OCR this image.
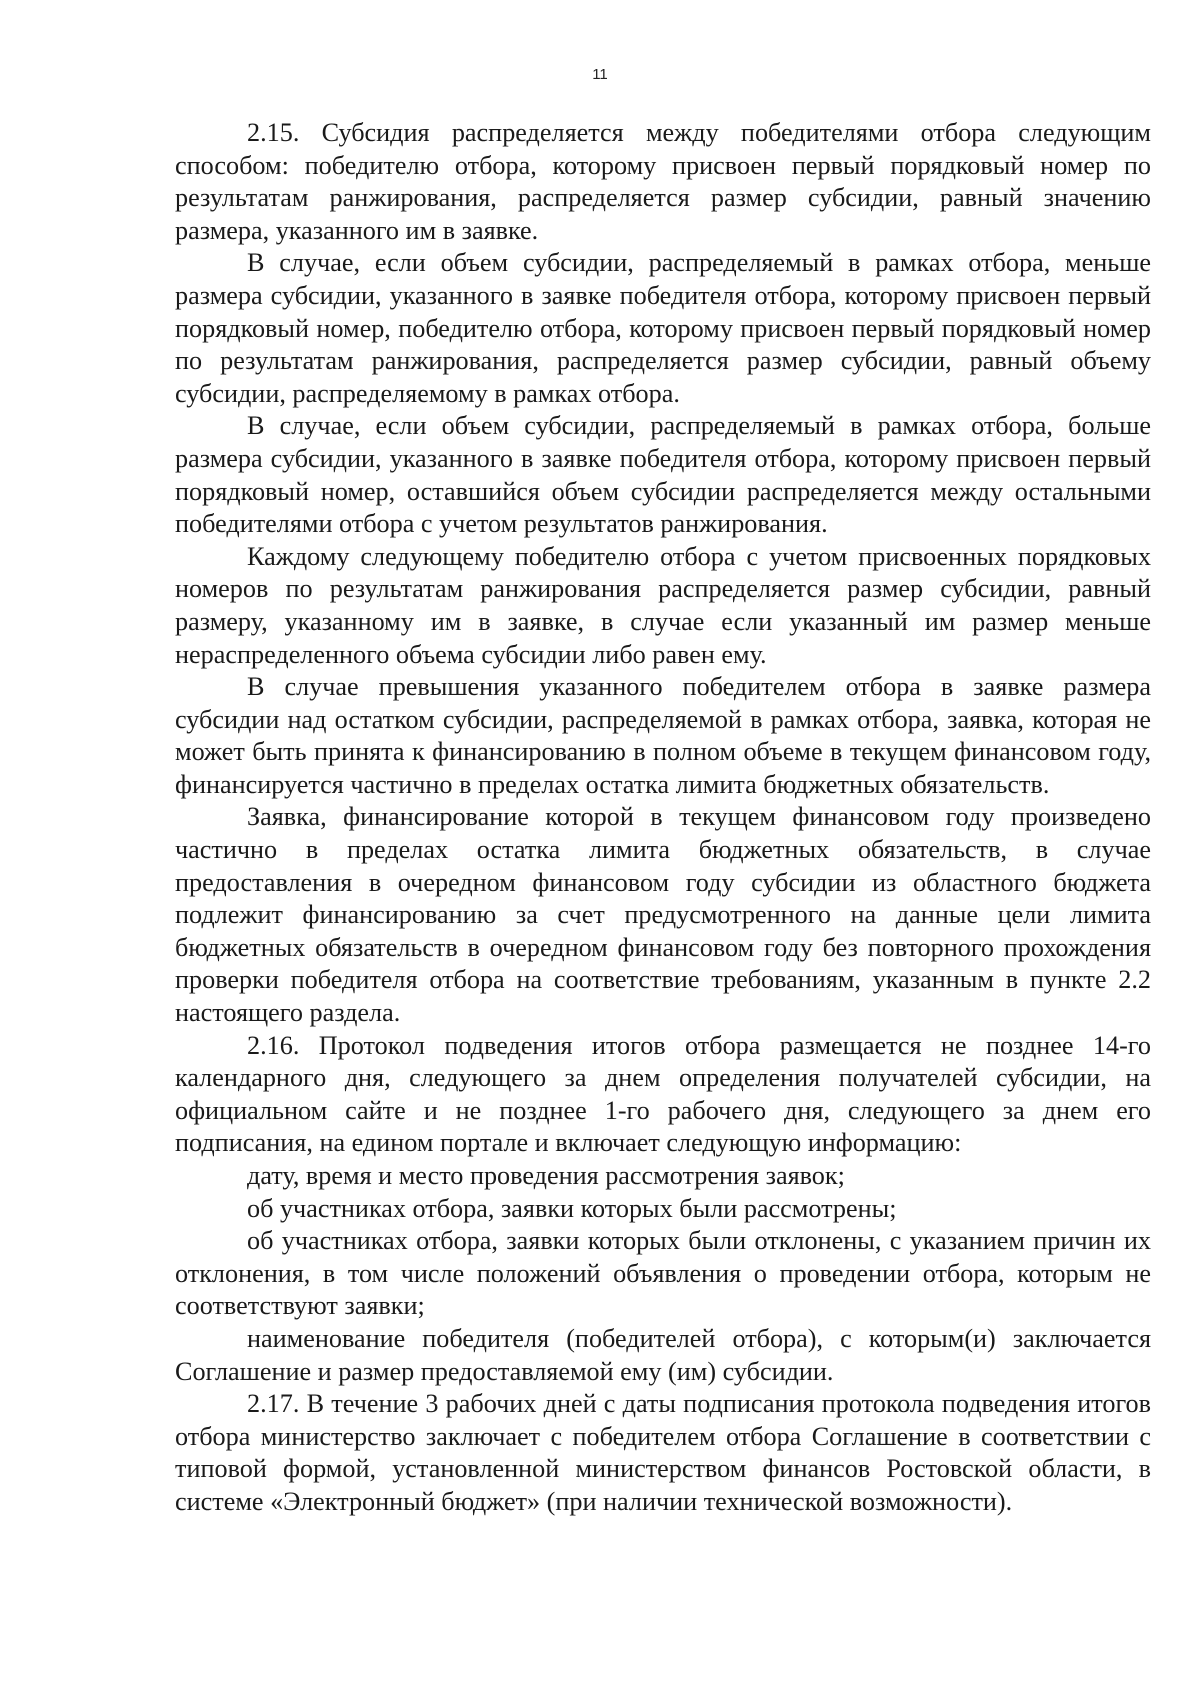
11

2.15. Субсидия распределяется между победителями отбора следующим способом: победителю отбора, которому присвоен первый порядковый номер по результатам ранжирования, распределяется размер субсидии, равный значению размера, указанного им в заявке.

В случае, если объем субсидии, распределяемый в рамках отбора, меньше размера субсидии, указанного в заявке победителя отбора, которому присвоен первый порядковый номер, победителю отбора, которому присвоен первый порядковый номер по результатам ранжирования, распределяется размер субсидии, равный объему субсидии, распределяемому в рамках отбора.

В случае, если объем субсидии, распределяемый в рамках отбора, больше размера субсидии, указанного в заявке победителя отбора, которому присвоен первый порядковый номер, оставшийся объем субсидии распределяется между остальными победителями отбора с учетом результатов ранжирования.

Каждому следующему победителю отбора с учетом присвоенных порядковых номеров по результатам ранжирования распределяется размер субсидии, равный размеру, указанному им в заявке, в случае если указанный им размер меньше нераспределенного объема субсидии либо равен ему.

В случае превышения указанного победителем отбора в заявке размера субсидии над остатком субсидии, распределяемой в рамках отбора, заявка, которая не может быть принята к финансированию в полном объеме в текущем финансовом году, финансируется частично в пределах остатка лимита бюджетных обязательств.

Заявка, финансирование которой в текущем финансовом году произведено частично в пределах остатка лимита бюджетных обязательств, в случае предоставления в очередном финансовом году субсидии из областного бюджета подлежит финансированию за счет предусмотренного на данные цели лимита бюджетных обязательств в очередном финансовом году без повторного прохождения проверки победителя отбора на соответствие требованиям, указанным в пункте 2.2 настоящего раздела.

2.16. Протокол подведения итогов отбора размещается не позднее 14-го календарного дня, следующего за днем определения получателей субсидии, на официальном сайте и не позднее 1-го рабочего дня, следующего за днем его подписания, на едином портале и включает следующую информацию:

дату, время и место проведения рассмотрения заявок;

об участниках отбора, заявки которых были рассмотрены;

об участниках отбора, заявки которых были отклонены, с указанием причин их отклонения, в том числе положений объявления о проведении отбора, которым не соответствуют заявки;

наименование победителя (победителей отбора), с которым(и) заключается Соглашение и размер предоставляемой ему (им) субсидии.

2.17. В течение 3 рабочих дней с даты подписания протокола подведения итогов отбора министерство заключает с победителем отбора Соглашение в соответствии с типовой формой, установленной министерством финансов Ростовской области, в системе «Электронный бюджет» (при наличии технической возможности).
